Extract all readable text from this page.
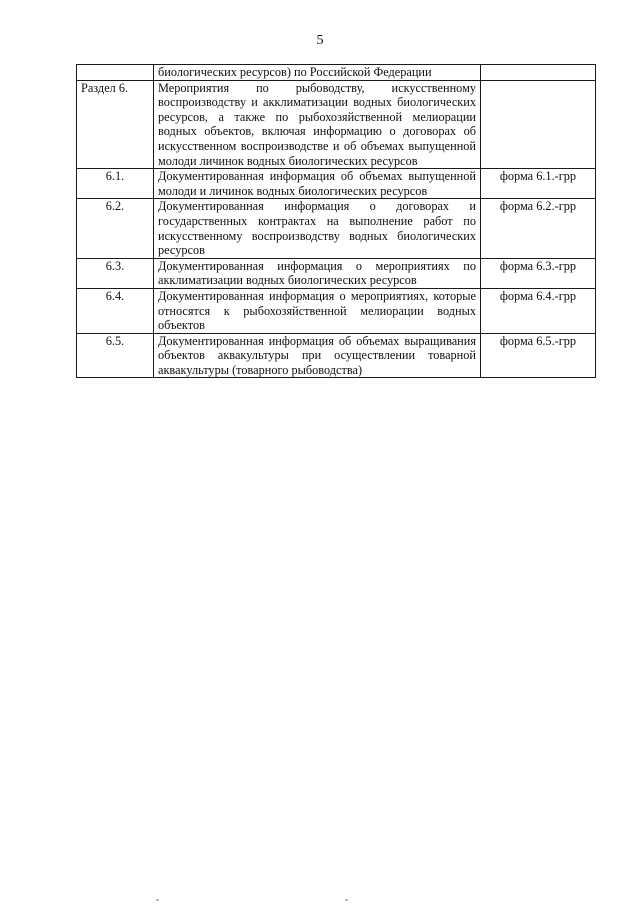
5
	биологических ресурсов) по Российской Федерации	
Раздел 6.	Мероприятия по рыбоводству, искусственному воспроизводству и акклиматизации водных биологических ресурсов, а также по рыбохозяйственной мелиорации водных объектов, включая информацию о договорах об искусственном воспроизводстве и об объемах выпущенной молоди личинок водных биологических ресурсов	
6.1.	Документированная информация об объемах выпущенной молоди и личинок водных биологических ресурсов	форма 6.1.-грр
6.2.	Документированная информация о договорах и государственных контрактах на выполнение работ по искусственному воспроизводству водных биологических ресурсов	форма 6.2.-грр
6.3.	Документированная информация о мероприятиях по акклиматизации водных биологических ресурсов	форма 6.3.-грр
6.4.	Документированная информация о мероприятиях, которые относятся к рыбохозяйственной мелиорации водных объектов	форма 6.4.-грр
6.5.	Документированная информация об объемах выращивания объектов аквакультуры при осуществлении товарной аквакультуры (товарного рыбоводства)	форма 6.5.-грр
